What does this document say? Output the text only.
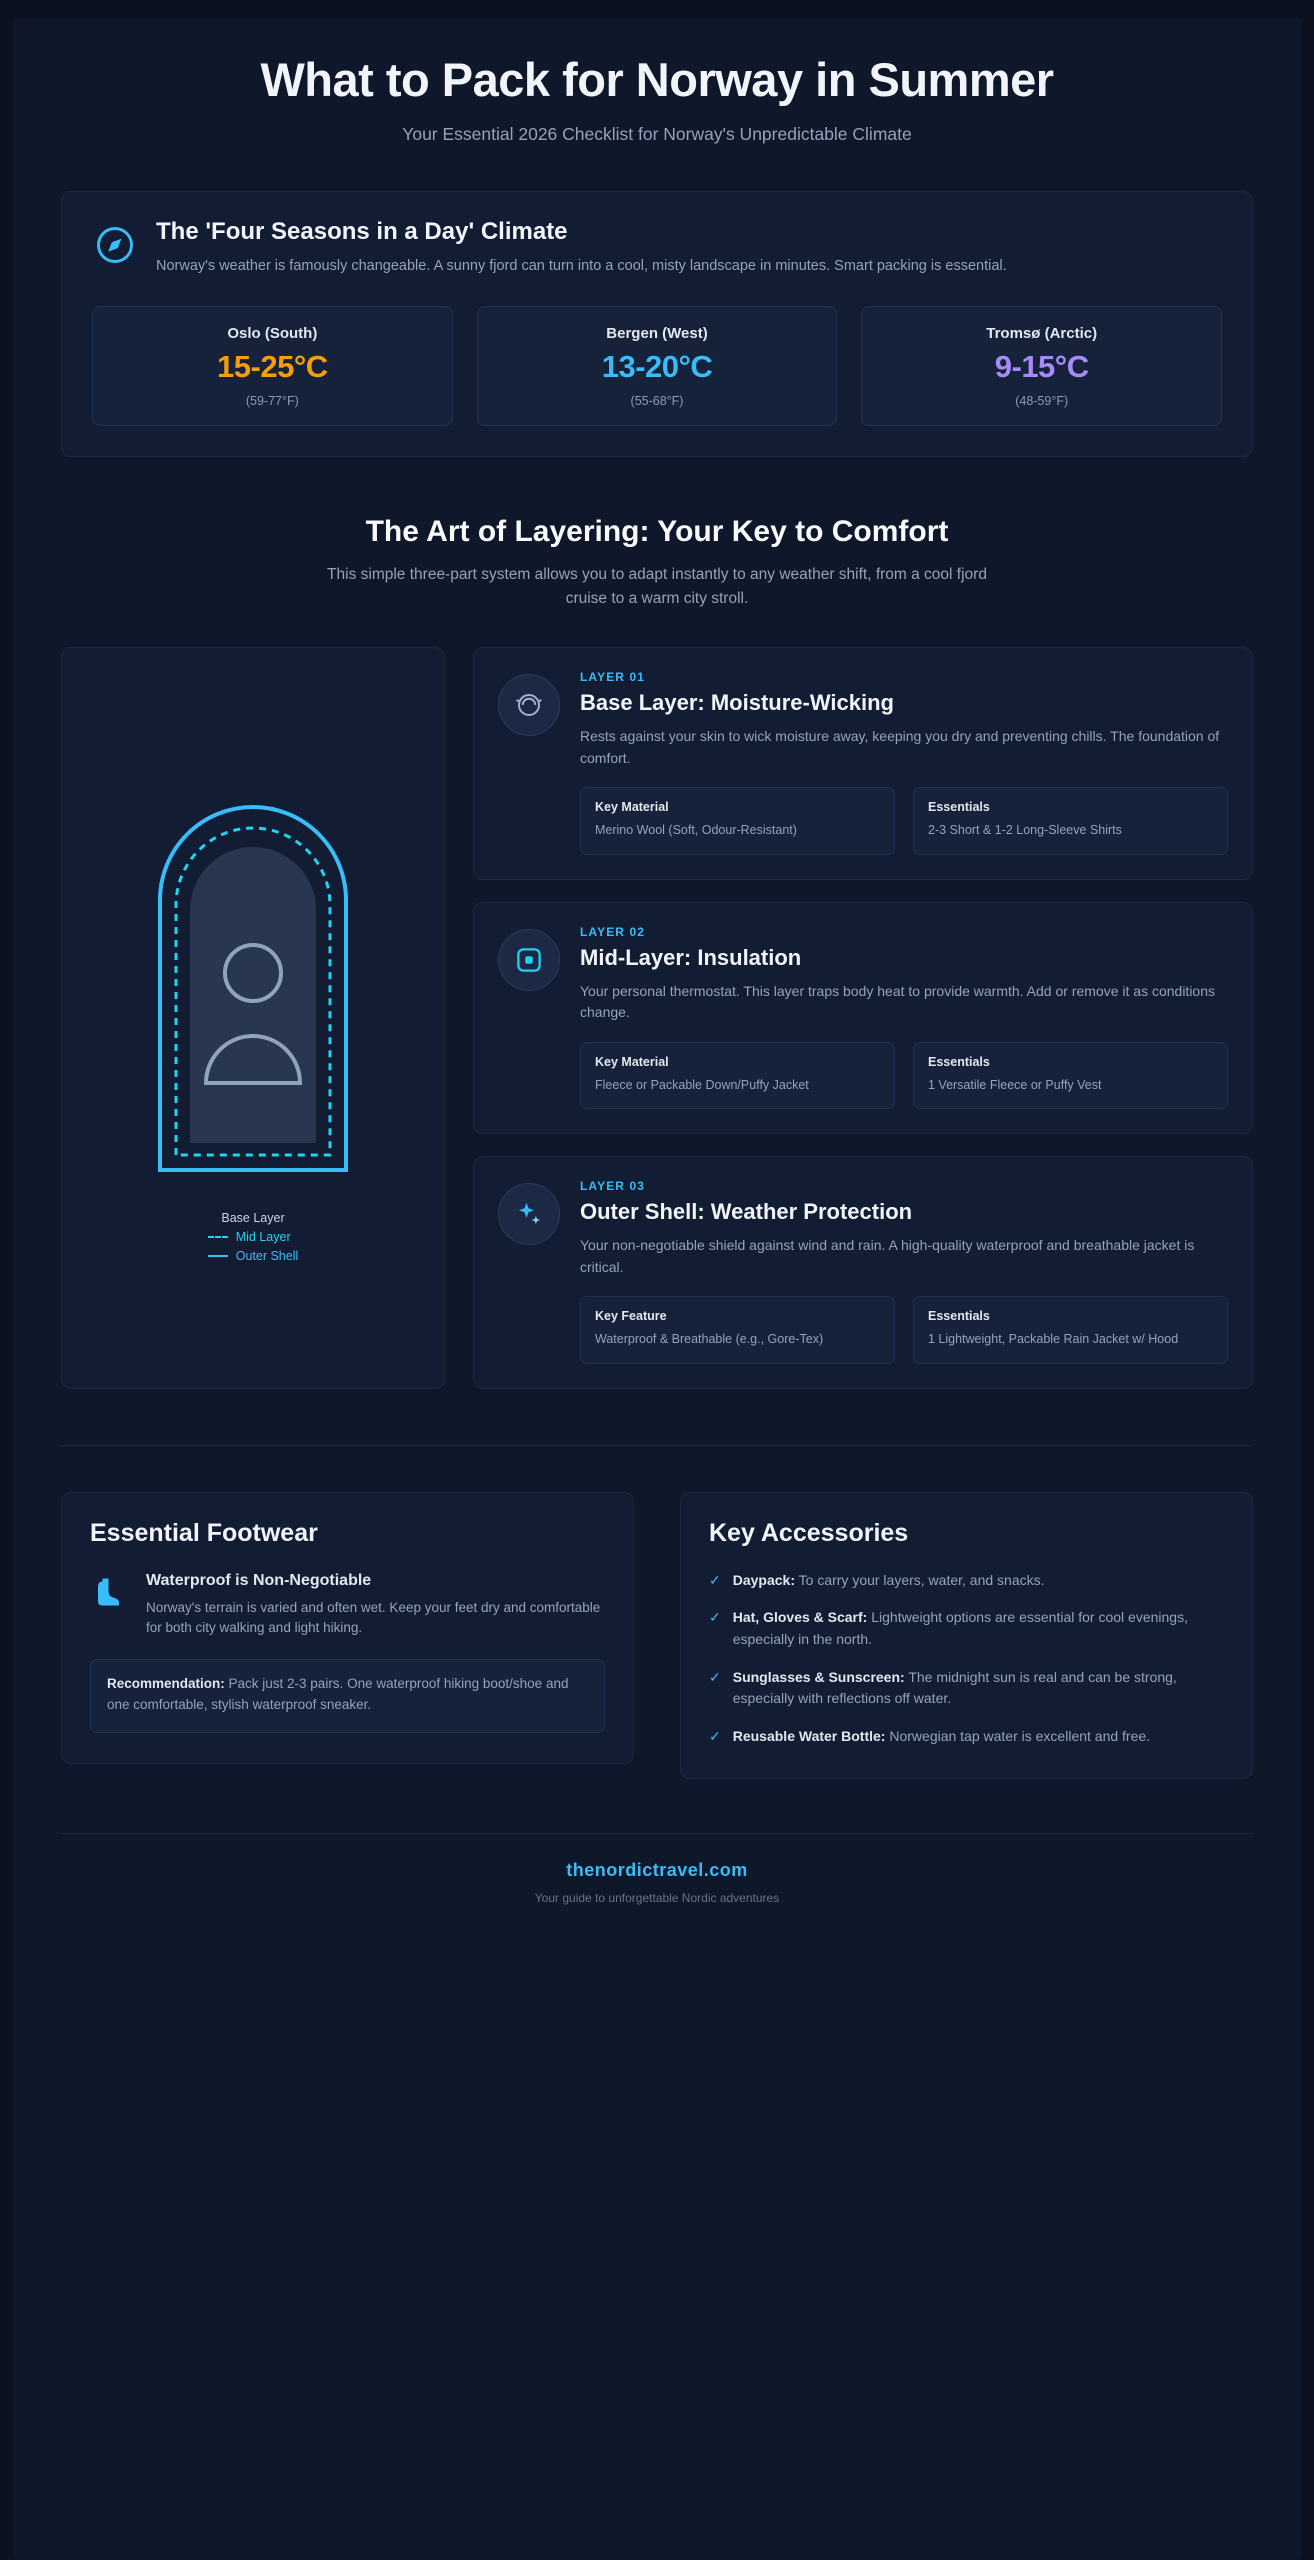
What to Pack for Norway in Summer
Your Essential 2026 Checklist for Norway's Unpredictable Climate
The 'Four Seasons in a Day' Climate
Norway's weather is famously changeable. A sunny fjord can turn into a cool, misty landscape in minutes. Smart packing is essential.
Oslo (South)
15-25°C
(59-77°F)
Bergen (West)
13-20°C
(55-68°F)
Tromsø (Arctic)
9-15°C
(48-59°F)
The Art of Layering: Your Key to Comfort

This simple three-part system allows you to adapt instantly to any weather shift, from a cool fjord cruise to a warm city stroll.

Base Layer
Mid Layer
Outer Shell
LAYER 01
Base Layer: Moisture-Wicking
Rests against your skin to wick moisture away, keeping you dry and preventing chills. The foundation of comfort.
Key Material
Merino Wool (Soft, Odour-Resistant)
Essentials
2-3 Short & 1-2 Long-Sleeve Shirts
LAYER 02
Mid-Layer: Insulation
Your personal thermostat. This layer traps body heat to provide warmth. Add or remove it as conditions change.
Key Material
Fleece or Packable Down/Puffy Jacket
Essentials
1 Versatile Fleece or Puffy Vest
LAYER 03
Outer Shell: Weather Protection
Your non-negotiable shield against wind and rain. A high-quality waterproof and breathable jacket is critical.
Key Feature
Waterproof & Breathable (e.g., Gore-Tex)
Essentials
1 Lightweight, Packable Rain Jacket w/ Hood
Essential Footwear
Waterproof is Non-Negotiable
Norway's terrain is varied and often wet. Keep your feet dry and comfortable for both city walking and light hiking.
Recommendation: Pack just 2-3 pairs. One waterproof hiking boot/shoe and one comfortable, stylish waterproof sneaker.
Key Accessories
✓ Daypack: To carry your layers, water, and snacks.
✓ Hat, Gloves & Scarf: Lightweight options are essential for cool evenings, especially in the north.
✓ Sunglasses & Sunscreen: The midnight sun is real and can be strong, especially with reflections off water.
✓ Reusable Water Bottle: Norwegian tap water is excellent and free.
thenordictravel.com
Your guide to unforgettable Nordic adventures
